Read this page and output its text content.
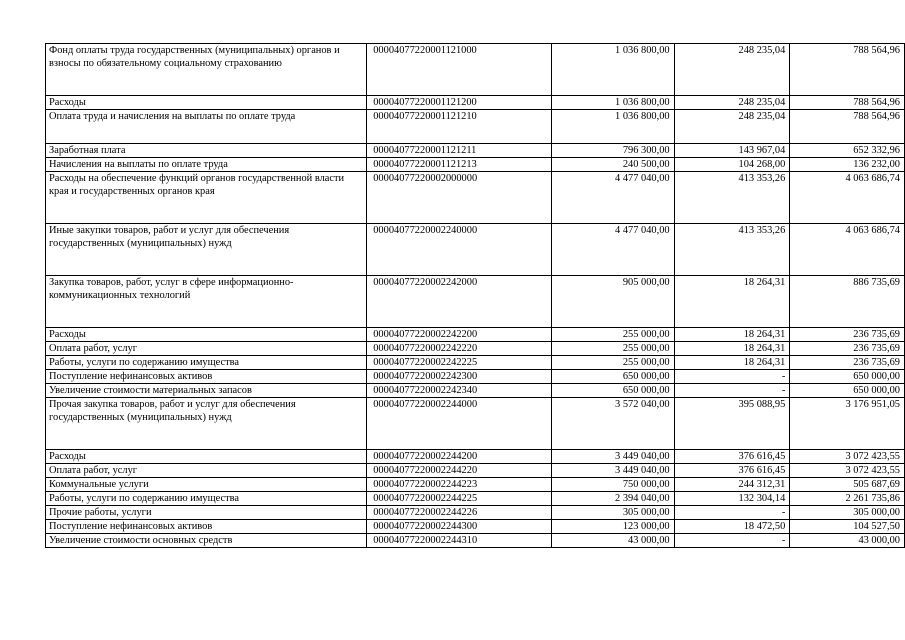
Фонд оплаты труда государственных (муниципальных) органов и взносы по обязательному социальному страхованию	00004077220001121000	1 036 800,00	248 235,04	788 564,96
Расходы	00004077220001121200	1 036 800,00	248 235,04	788 564,96
Оплата труда и начисления на выплаты по оплате труда	00004077220001121210	1 036 800,00	248 235,04	788 564,96
Заработная плата	00004077220001121211	796 300,00	143 967,04	652 332,96
Начисления на выплаты по оплате труда	00004077220001121213	240 500,00	104 268,00	136 232,00
Расходы на обеспечение функций органов государственной власти края и государственных органов края	00004077220002000000	4 477 040,00	413 353,26	4 063 686,74
Иные закупки товаров, работ и услуг для обеспечения государственных (муниципальных) нужд	00004077220002240000	4 477 040,00	413 353,26	4 063 686,74
Закупка товаров, работ, услуг в сфере информационно-коммуникационных технологий	00004077220002242000	905 000,00	18 264,31	886 735,69
Расходы	00004077220002242200	255 000,00	18 264,31	236 735,69
Оплата работ, услуг	00004077220002242220	255 000,00	18 264,31	236 735,69
Работы, услуги по содержанию имущества	00004077220002242225	255 000,00	18 264,31	236 735,69
Поступление нефинансовых активов	00004077220002242300	650 000,00	-	650 000,00
Увеличение стоимости материальных запасов	00004077220002242340	650 000,00	-	650 000,00
Прочая закупка товаров, работ и услуг для обеспечения государственных (муниципальных) нужд	00004077220002244000	3 572 040,00	395 088,95	3 176 951,05
Расходы	00004077220002244200	3 449 040,00	376 616,45	3 072 423,55
Оплата работ, услуг	00004077220002244220	3 449 040,00	376 616,45	3 072 423,55
Коммунальные услуги	00004077220002244223	750 000,00	244 312,31	505 687,69
Работы, услуги по содержанию имущества	00004077220002244225	2 394 040,00	132 304,14	2 261 735,86
Прочие работы, услуги	00004077220002244226	305 000,00	-	305 000,00
Поступление нефинансовых активов	00004077220002244300	123 000,00	18 472,50	104 527,50
Увеличение стоимости основных средств	00004077220002244310	43 000,00	-	43 000,00
